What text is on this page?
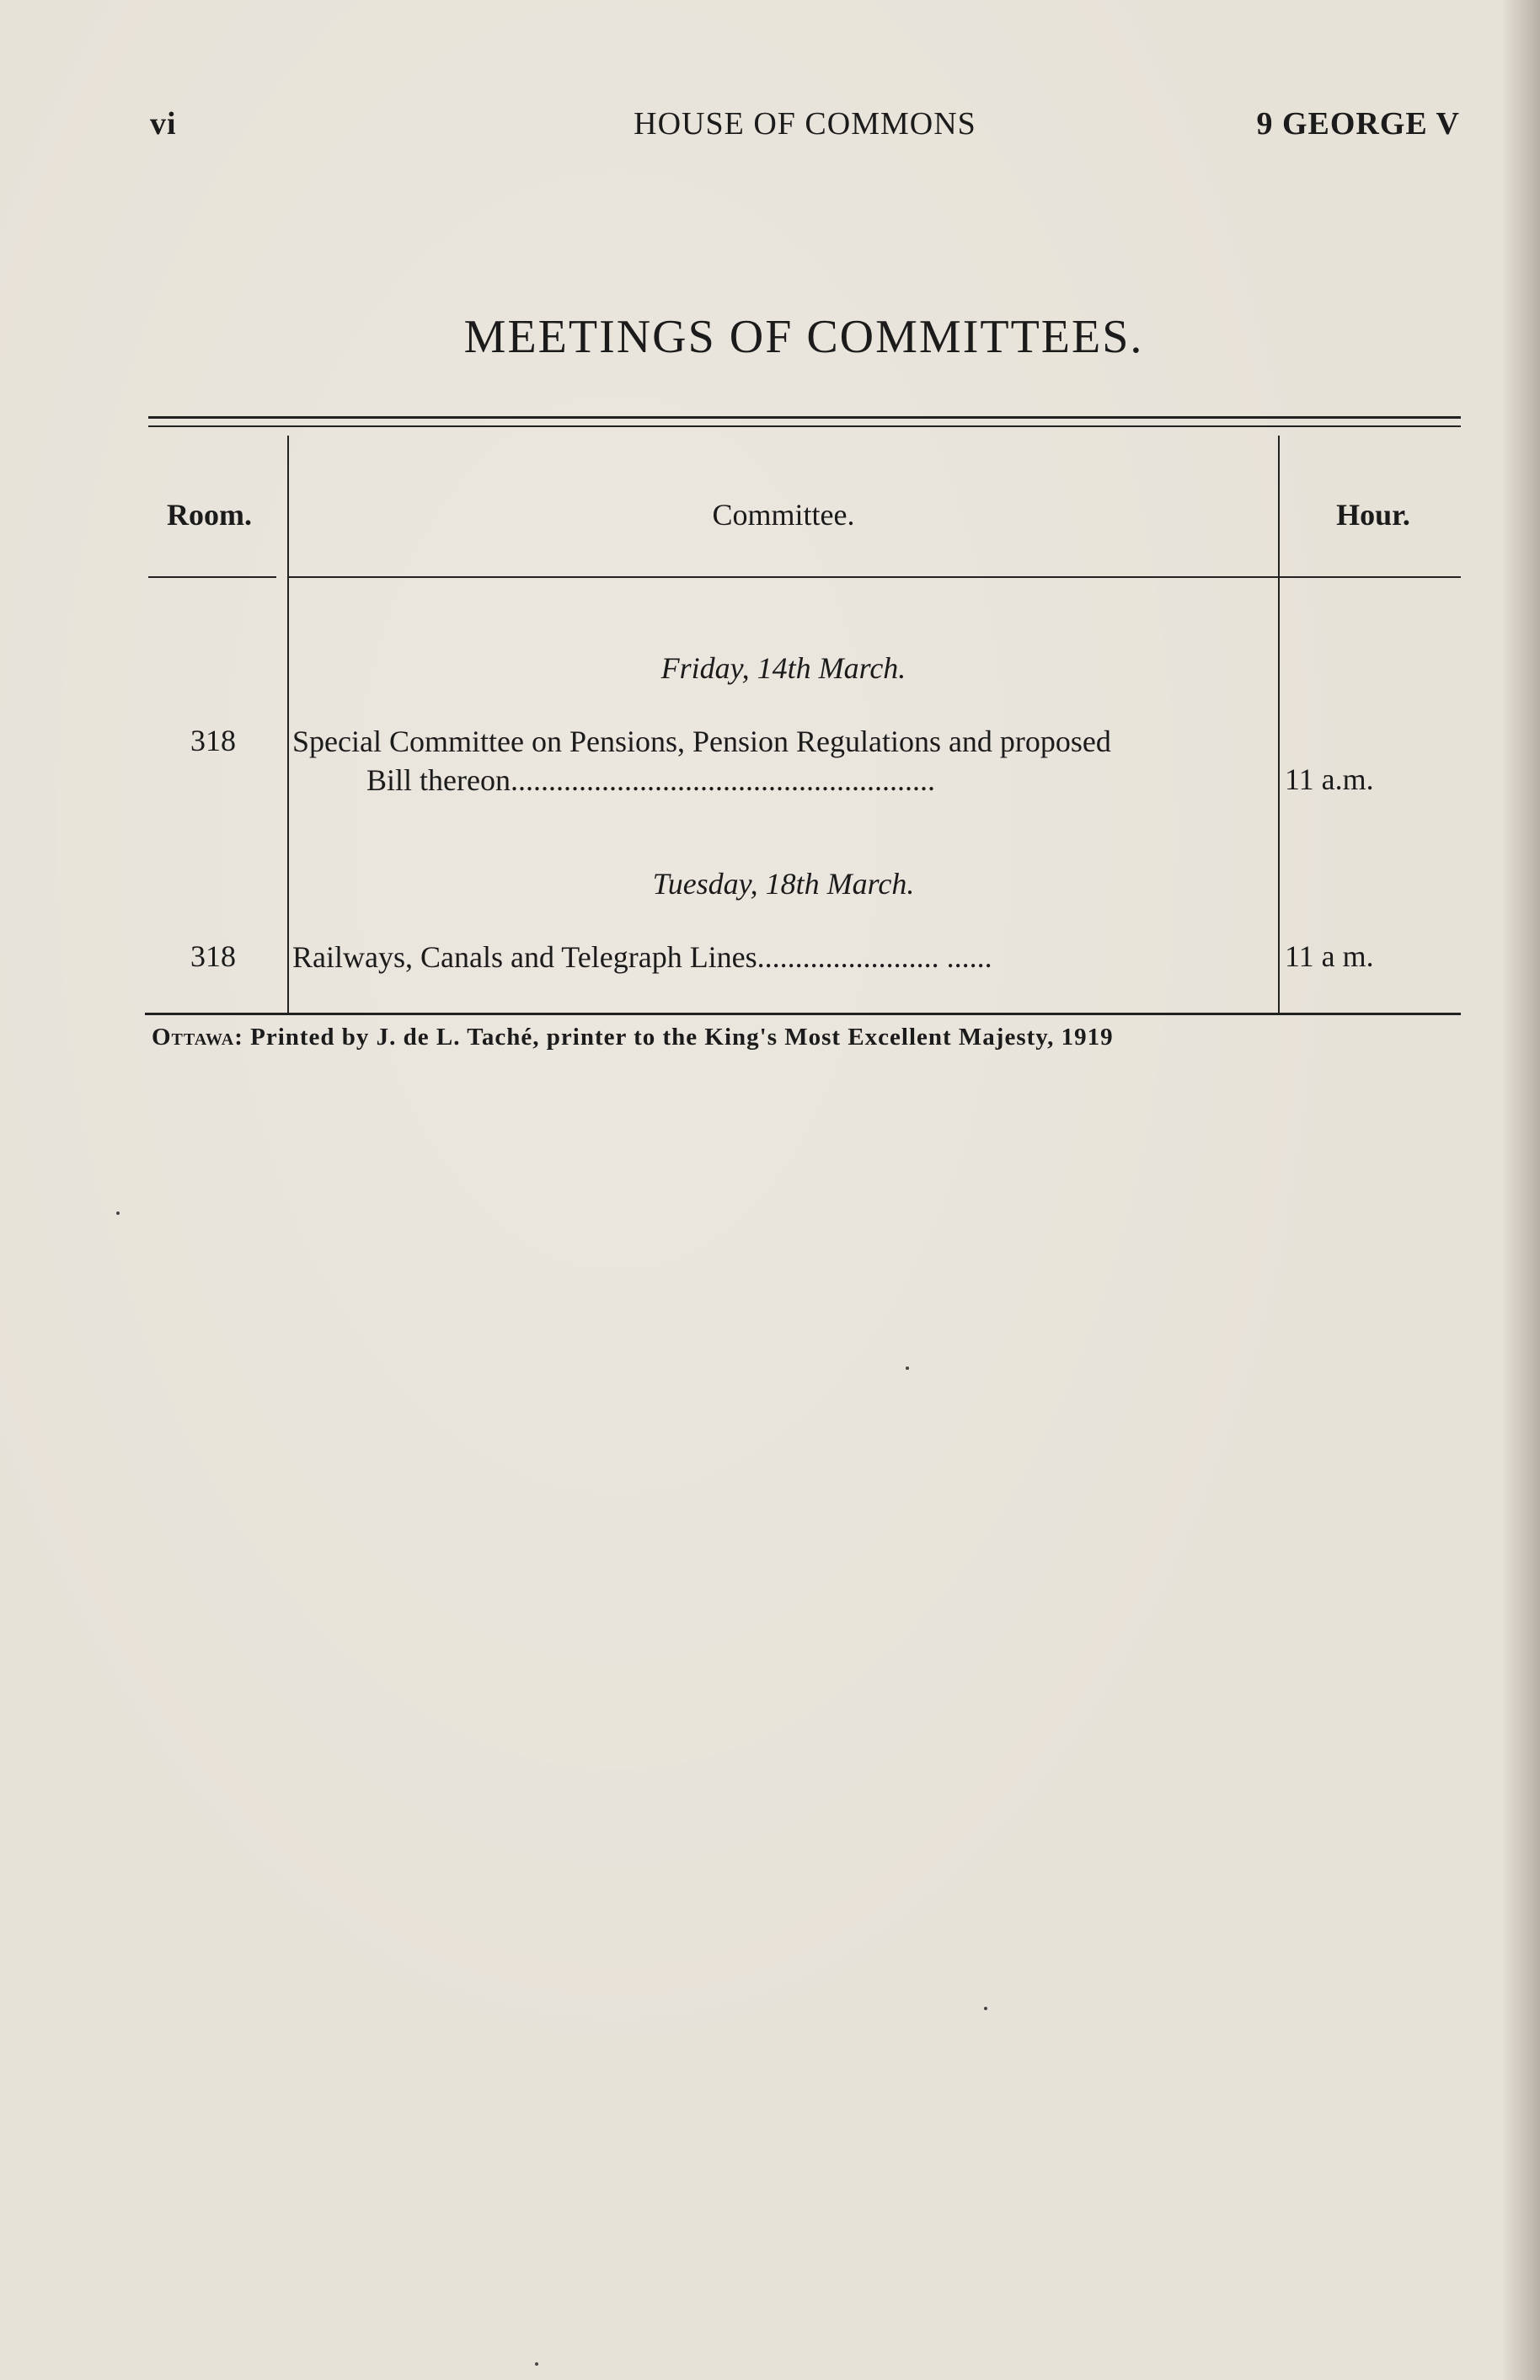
vi	HOUSE OF COMMONS	9 GEORGE V
MEETINGS OF COMMITTEES.
Room.	Committee.	Hour.
Friday, 14th March.
318 Special Committee on Pensions, Pension Regulations and proposed
Bill thereon........................................................	11 a.m.
Tuesday, 18th March.
318 Railways, Canals and Telegraph Lines........................ ......	11 a m.
Ottawa: Printed by J. de L. Taché, printer to the King's Most Excellent Majesty, 1919
